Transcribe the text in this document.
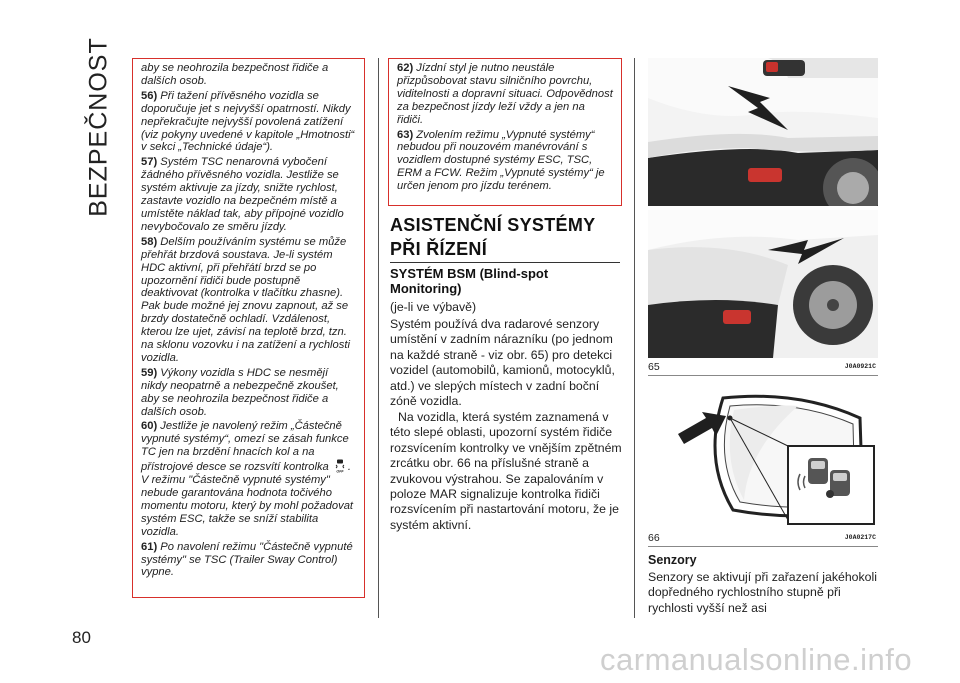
BEZPEČNOST
80

aby se neohrozila bezpečnost řidiče a dalších osob.

56) Při tažení přívěsného vozidla se doporučuje jet s nejvyšší opatrností. Nikdy nepřekračujte nejvyšší povolená zatížení (viz pokyny uvedené v kapitole „Hmotnosti“ v sekci „Technické údaje“).

57) Systém TSC nenarovná vybočení žádného přívěsného vozidla. Jestliže se systém aktivuje za jízdy, snižte rychlost, zastavte vozidlo na bezpečném místě a umístěte náklad tak, aby přípojné vozidlo nevybočovalo ze směru jízdy.

58) Delším používáním systému se může přehřát brzdová soustava. Je-li systém HDC aktivní, při přehřátí brzd se po upozornění řidiči bude postupně deaktivovat (kontrolka v tlačítku zhasne). Pak bude možné jej znovu zapnout, až se brzdy dostatečně ochladí. Vzdálenost, kterou lze ujet, závisí na teplotě brzd, tzn. na sklonu vozovku i na zatížení a rychlosti vozidla.

59) Výkony vozidla s HDC se nesmějí nikdy neopatrně a nebezpečně zkoušet, aby se neohrozila bezpečnost řidiče a dalších osob.

60) Jestliže je navolený režim „Částečně vypnuté systémy“, omezí se zásah funkce TC jen na brzdění hnacích kol a na přístrojové desce se rozsvítí kontrolka OFF . V režimu "Částečně vypnuté systémy" nebude garantována hodnota točivého momentu motoru, který by mohl požadovat systém ESC, takže se sníží stabilita vozidla.

61) Po navolení režimu "Částečně vypnuté systémy" se TSC (Trailer Sway Control) vypne.

62) Jízdní styl je nutno neustále přizpůsobovat stavu silničního povrchu, viditelnosti a dopravní situaci. Odpovědnost za bezpečnost jízdy leží vždy a jen na řidiči.

63) Zvolením režimu „Vypnuté systémy“ nebudou při nouzovém manévrování s vozidlem dostupné systémy ESC, TSC, ERM a FCW. Režim „Vypnuté systémy“ je určen jenom pro jízdu terénem.

ASISTENČNÍ SYSTÉMY PŘI ŘÍZENÍ
SYSTÉM BSM (Blind-spot Monitoring)

(je-li ve výbavě)

Systém používá dva radarové senzory umístění v zadním nárazníku (po jednom na každé straně - viz obr. 65) pro detekci vozidel (automobilů, kamionů, motocyklů, atd.) ve slepých místech v zadní boční zóně vozidla.

Na vozidla, která systém zaznamená v této slepé oblasti, upozorní systém řidiče rozsvícením kontrolky ve vnějším zpětném zrcátku obr. 66 na příslušné straně a zvukovou výstrahou. Se zapalováním v poloze MAR signalizuje kontrolka řidiči rozsvícením při nastartování motoru, že je systém aktivní.

65	J0A0921C
66	J0A0217C
Senzory

Senzory se aktivují při zařazení jakéhokoli dopředného rychlostního stupně při rychlosti vyšší než asi

carmanualsonline.info
